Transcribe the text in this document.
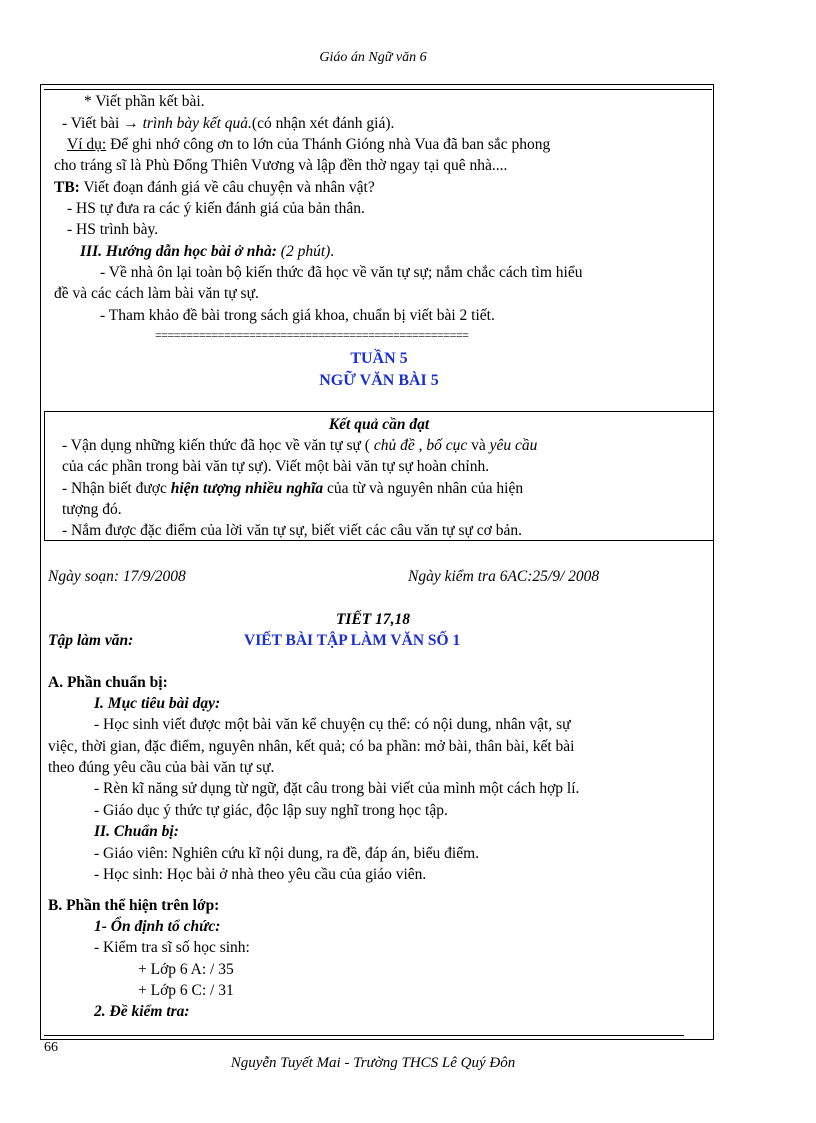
Giáo án Ngữ văn 6
* Viết phần kết bài.
- Viết bài → trình bày kết quả.(có nhận xét đánh giá).
Ví dụ: Để ghi nhớ công ơn to lớn của Thánh Gióng nhà Vua đã ban sắc phong
cho tráng sĩ là Phù Đổng Thiên Vương và lập đền thờ ngay tại quê nhà....
TB: Viết đoạn đánh giá về câu chuyện và nhân vật?
- HS tự đưa ra các ý kiến đánh giá của bản thân.
- HS trình bày.
III. Hướng dẫn học bài ở nhà: (2 phút).
- Về nhà ôn lại toàn bộ kiến thức đã học về văn tự sự; nắm chắc cách tìm hiểu
đề và các cách làm bài văn tự sự.
- Tham khảo đề bài trong sách giá khoa, chuẩn bị viết bài 2 tiết.
==================================================
TUẦN 5
NGỮ VĂN BÀI 5
Kết quả cần đạt
- Vận dụng những kiến thức đã học về văn tự sự ( chủ đề , bố cục và yêu cầu
của các phần trong bài văn tự sự). Viết một bài văn tự sự hoàn chỉnh.
- Nhận biết được hiện tượng nhiều nghĩa của từ và nguyên nhân của hiện
tượng đó.
- Nắm được đặc điểm của lời văn tự sự, biết viết các câu văn tự sự cơ bản.
Ngày soạn: 17/9/2008	Ngày kiểm tra 6AC:25/9/ 2008
TIẾT 17,18
Tập làm văn:	VIẾT BÀI TẬP LÀM VĂN SỐ 1
A. Phần chuẩn bị:
I. Mục tiêu bài dạy:
- Học sinh viết được một bài văn kể chuyện cụ thể: có nội dung, nhân vật, sự
việc, thời gian, đặc điểm, nguyên nhân, kết quả; có ba phần: mở bài, thân bài, kết bài
theo đúng yêu cầu của bài văn tự sự.
- Rèn kĩ năng sử dụng từ ngữ, đặt câu trong bài viết của mình một cách hợp lí.
- Giáo dục ý thức tự giác, độc lập suy nghĩ trong học tập.
II. Chuẩn bị:
- Giáo viên: Nghiên cứu kĩ nội dung, ra đề, đáp án, biểu điểm.
- Học sinh: Học bài ở nhà theo yêu cầu của giáo viên.
B. Phần thể hiện trên lớp:
1- Ổn định tổ chức:
- Kiểm tra sĩ số học sinh:
+ Lớp 6 A: / 35
+ Lớp 6 C: / 31
2. Đề kiểm tra:
66
Nguyễn Tuyết Mai - Trường THCS Lê Quý Đôn
